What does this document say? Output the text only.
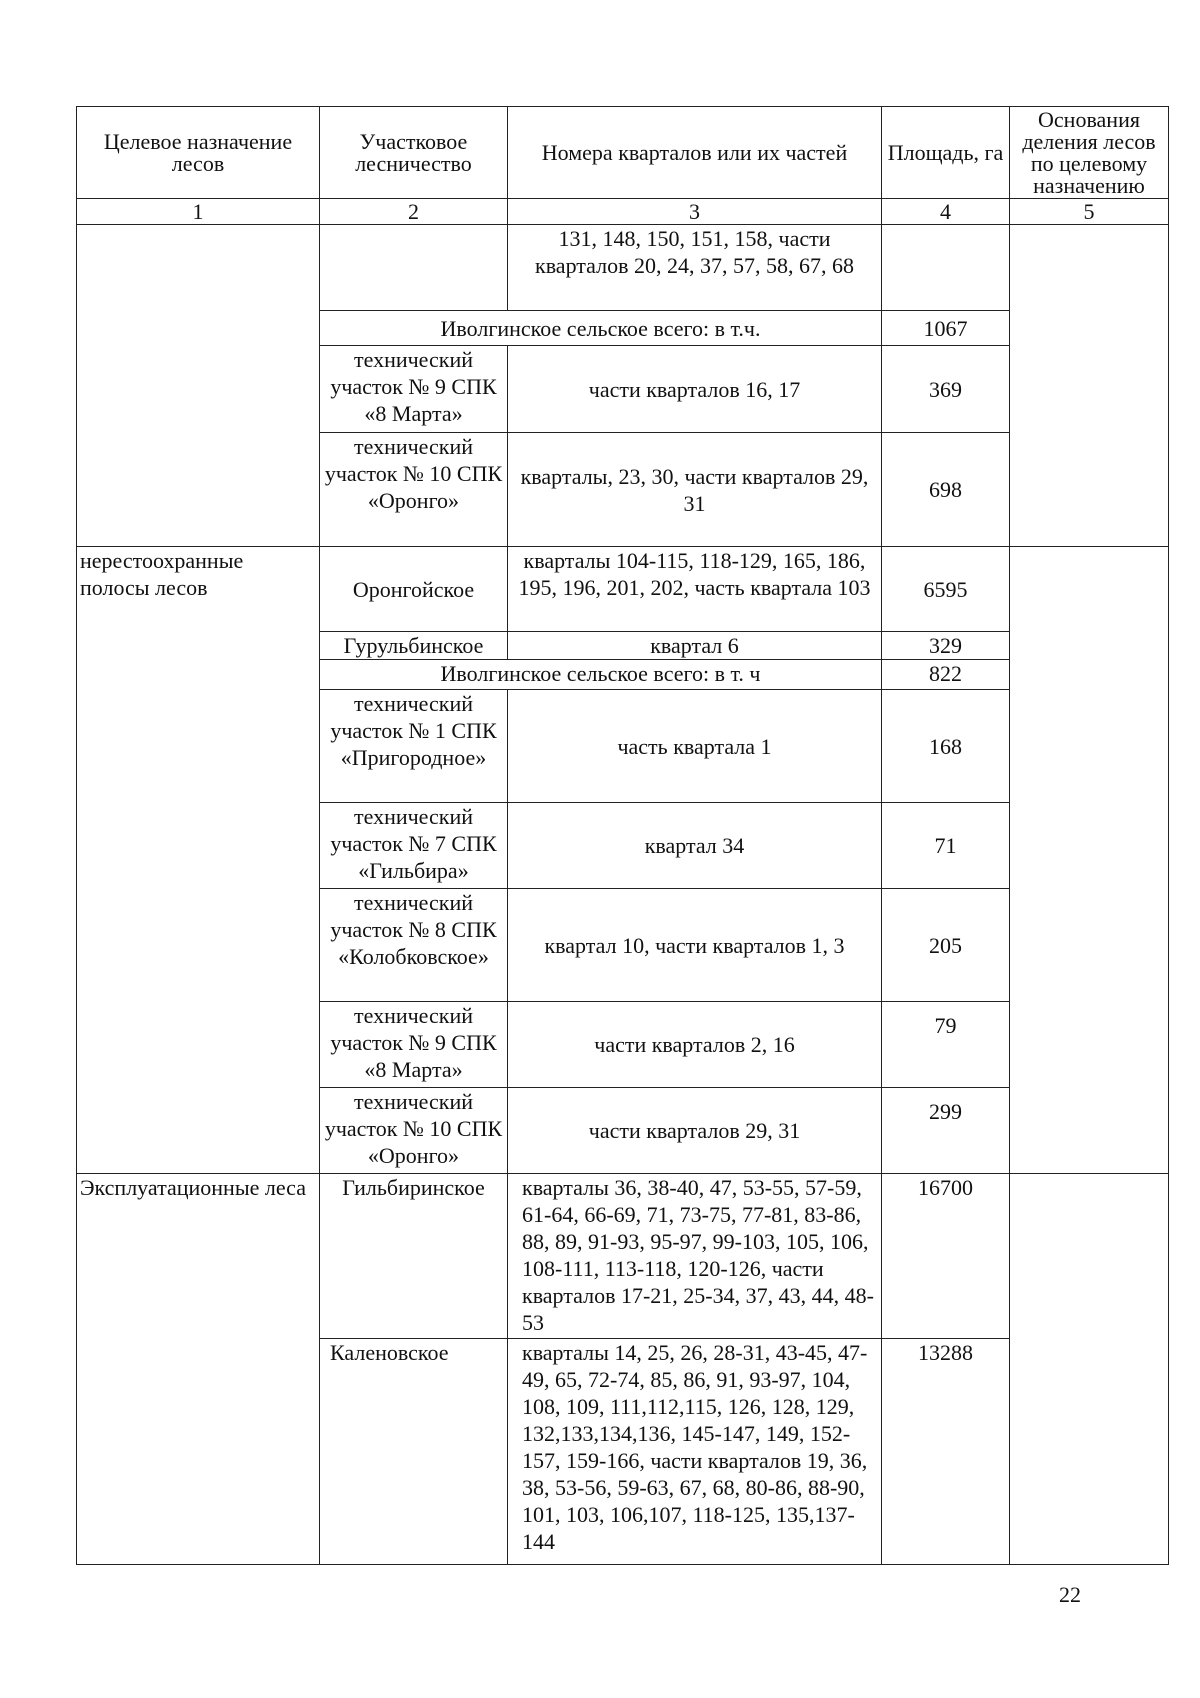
Целевое назначение лесов	Участковое лесничество	Номера кварталов или их частей	Площадь, га	Основания деления лесов по целевому назначению
1	2	3	4	5
		131, 148, 150, 151, 158, части кварталов 20, 24, 37, 57, 58, 67, 68		
	Иволгинское сельское всего: в т.ч.		1067	
	технический участок № 9 СПК «8 Марта»	части кварталов 16, 17	369	
	технический участок № 10 СПК «Оронго»	кварталы, 23, 30, части кварталов 29, 31	698	
нерестоохранные полосы лесов	Оронгойское	кварталы 104-115, 118-129, 165, 186, 195, 196, 201, 202, часть квартала 103	6595	
	Гурульбинское	квартал 6	329	
	Иволгинское сельское всего: в т. ч		822	
	технический участок № 1 СПК «Пригородное»	часть квартала 1	168	
	технический участок № 7 СПК «Гильбира»	квартал 34	71	
	технический участок № 8 СПК «Колобковское»	квартал 10, части кварталов 1, 3	205	
	технический участок № 9 СПК «8 Марта»	части кварталов 2, 16	79	
	технический участок № 10 СПК «Оронго»	части кварталов 29, 31	299	
Эксплуатационные леса	Гильбиринское	кварталы 36, 38-40, 47, 53-55, 57-59, 61-64, 66-69, 71, 73-75, 77-81, 83-86, 88, 89, 91-93, 95-97, 99-103, 105, 106, 108-111, 113-118, 120-126, части кварталов 17-21, 25-34, 37, 43, 44, 48-53	16700	
	Каленовское	кварталы 14, 25, 26, 28-31, 43-45, 47-49, 65, 72-74, 85, 86, 91, 93-97, 104, 108, 109, 111,112,115, 126, 128, 129, 132,133,134,136, 145-147, 149, 152-157, 159-166, части кварталов 19, 36, 38, 53-56, 59-63, 67, 68, 80-86, 88-90, 101, 103, 106,107, 118-125, 135,137-144	13288	
22
